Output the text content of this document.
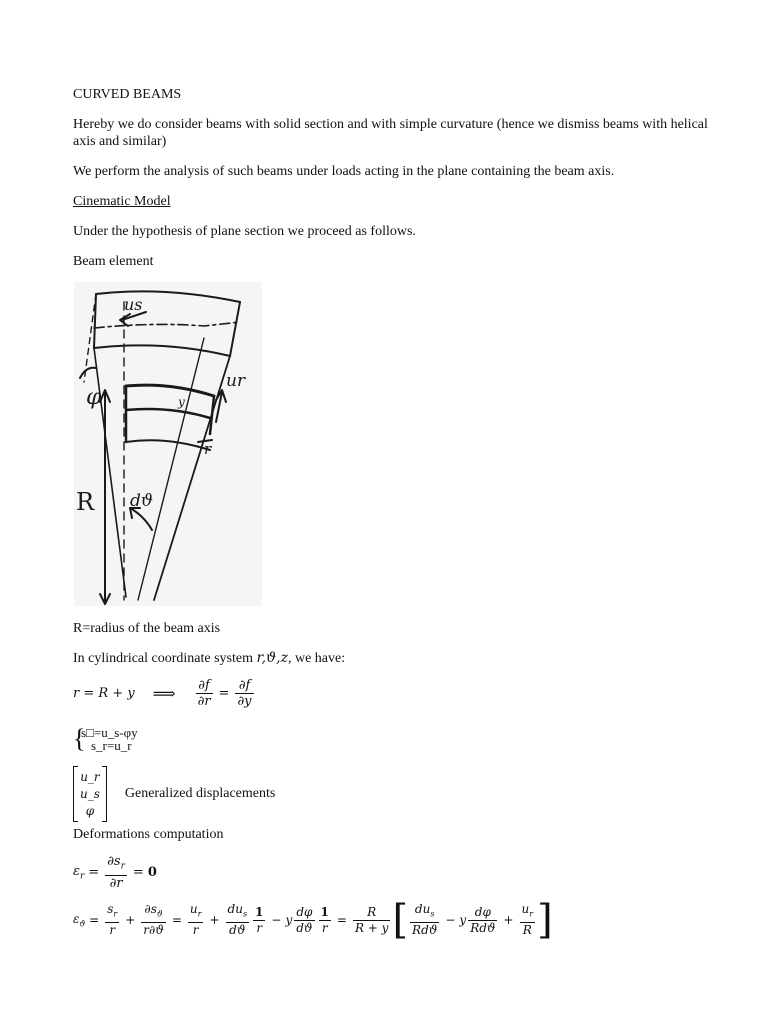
CURVED BEAMS

Hereby we do consider beams with solid section and with simple curvature (hence we dismiss beams with helical axis and similar)

We perform the analysis of such beams under loads acting in the plane containing the beam axis.

Cinematic Model

Under the hypothesis of plane section we proceed as follows.

Beam element

us
ur
φ	y
r
R dϑ

R=radius of the beam axis

In cylindrical coordinate system r,ϑ,z, we have:

r = R + y ⟹ $\frac{\partial f}{\partial r} = \frac{\partial f}{\partial y}$
{
s□=u_s-φy
s_r=u_r
u_r
u_s
φ
Generalized displacements

Deformations computation

$\varepsilon_r = \frac{\partial s_r}{\partial r} = 0$
$\varepsilon_ϑ = \frac{s_r}{r} + \frac{\partial s_ϑ}{r\partial ϑ} = \frac{u_r}{r} + \frac{du_s}{dϑ} \frac{1}{r} - y \frac{d\varphi}{dϑ} \frac{1}{r} = \frac{R}{R + y}$ [ $\frac{du_s}{\text{Rdϑ}} - y \frac{d\varphi}{\text{Rdϑ}} + \frac{u_r}{R}$ ]
